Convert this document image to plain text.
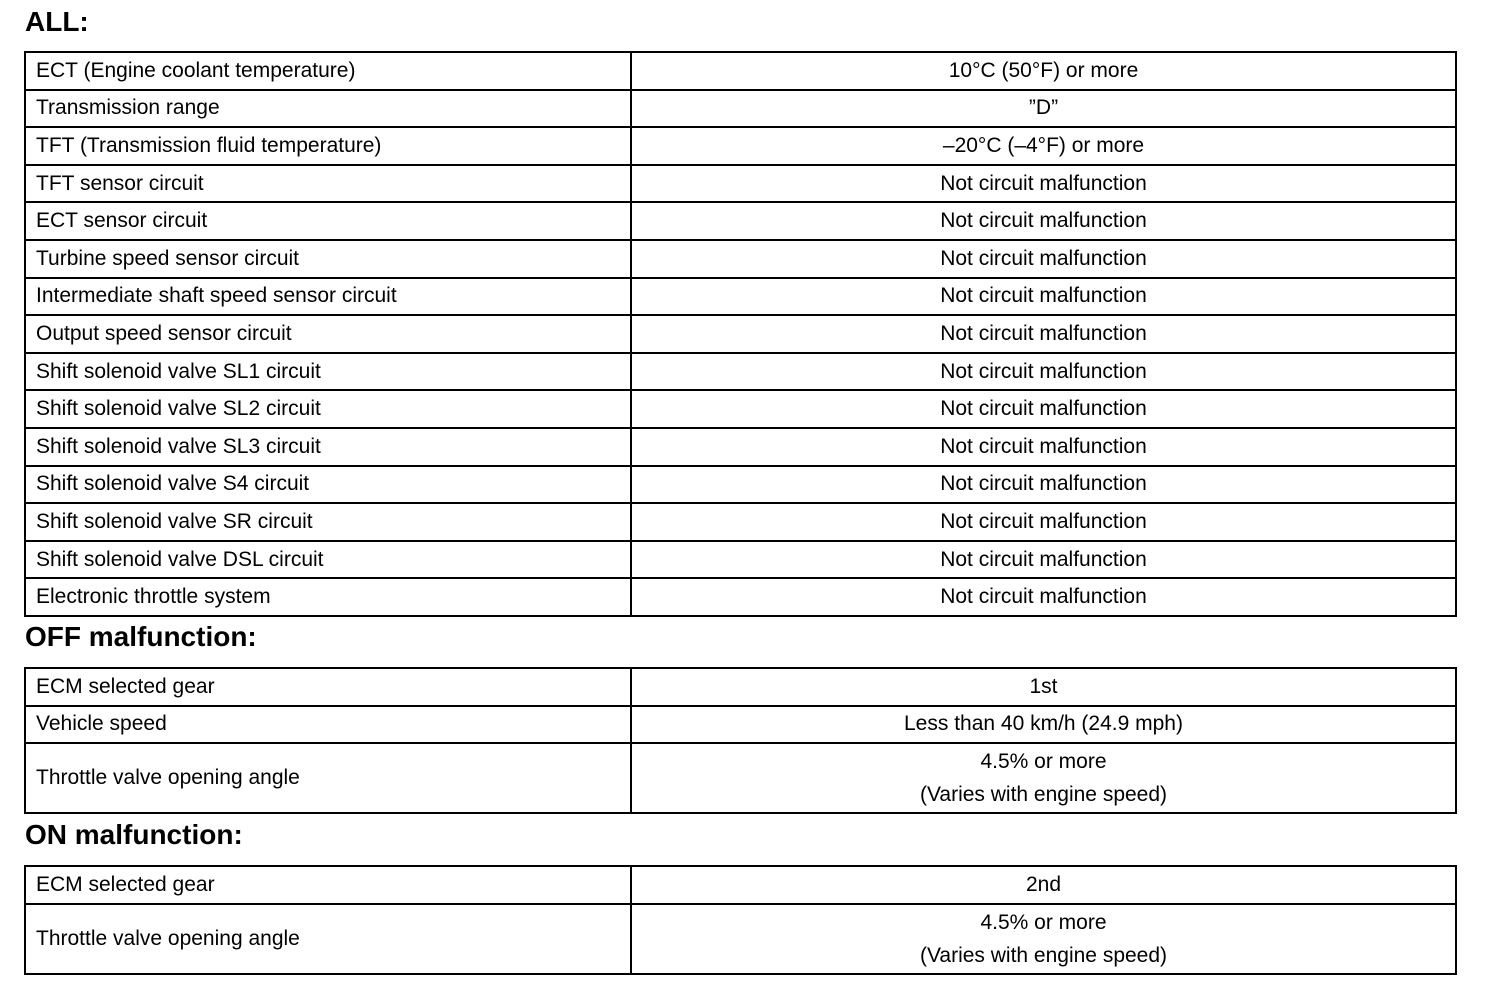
ALL:
ECT (Engine coolant temperature)	10°C (50°F) or more
Transmission range	”D”
TFT (Transmission fluid temperature)	–20°C (–4°F) or more
TFT sensor circuit	Not circuit malfunction
ECT sensor circuit	Not circuit malfunction
Turbine speed sensor circuit	Not circuit malfunction
Intermediate shaft speed sensor circuit	Not circuit malfunction
Output speed sensor circuit	Not circuit malfunction
Shift solenoid valve SL1 circuit	Not circuit malfunction
Shift solenoid valve SL2 circuit	Not circuit malfunction
Shift solenoid valve SL3 circuit	Not circuit malfunction
Shift solenoid valve S4 circuit	Not circuit malfunction
Shift solenoid valve SR circuit	Not circuit malfunction
Shift solenoid valve DSL circuit	Not circuit malfunction
Electronic throttle system	Not circuit malfunction
OFF malfunction:
ECM selected gear	1st
Vehicle speed	Less than 40 km/h (24.9 mph)
Throttle valve opening angle	4.5% or more
(Varies with engine speed)
ON malfunction:
ECM selected gear	2nd
Throttle valve opening angle	4.5% or more
(Varies with engine speed)
